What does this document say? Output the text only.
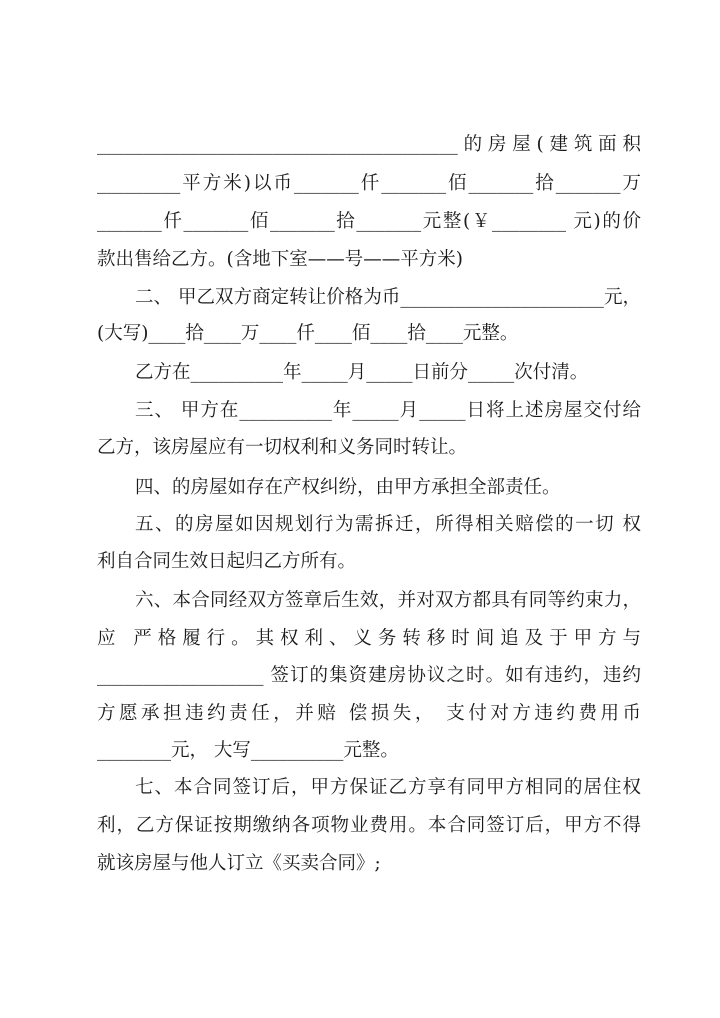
_______________________________________的房屋(建筑面积
_________平方米)以币_______仟_______佰_______拾_______万
_______仟_______佰_______拾_______元整(￥________ 元)的价
款出售给乙方。(含地下室——号——平方米)
二、 甲乙双方商定转让价格为币______________________元，
(大写)____拾____万____仟____佰____拾____元整。
乙方在__________年_____月_____日前分_____次付清。
三、 甲方在__________年_____月_____日将上述房屋交付给
乙方，该房屋应有一切权利和义务同时转让。
四、的房屋如存在产权纠纷，由甲方承担全部责任。
五、的房屋如因规划行为需拆迁，所得相关赔偿的一切 权
利自合同生效日起归乙方所有。
六、本合同经双方签章后生效，并对双方都具有同等约束力，
应 严格履行。其权利、义务转移时间追及于甲方与
__________________ 签订的集资建房协议之时。如有违约，违约
方愿承担违约责任，并赔 偿损失， 支付对方违约费用币
________元， 大写__________元整。
七、本合同签订后，甲方保证乙方享有同甲方相同的居住权
利，乙方保证按期缴纳各项物业费用。本合同签订后，甲方不得
就该房屋与他人订立《买卖合同》;
